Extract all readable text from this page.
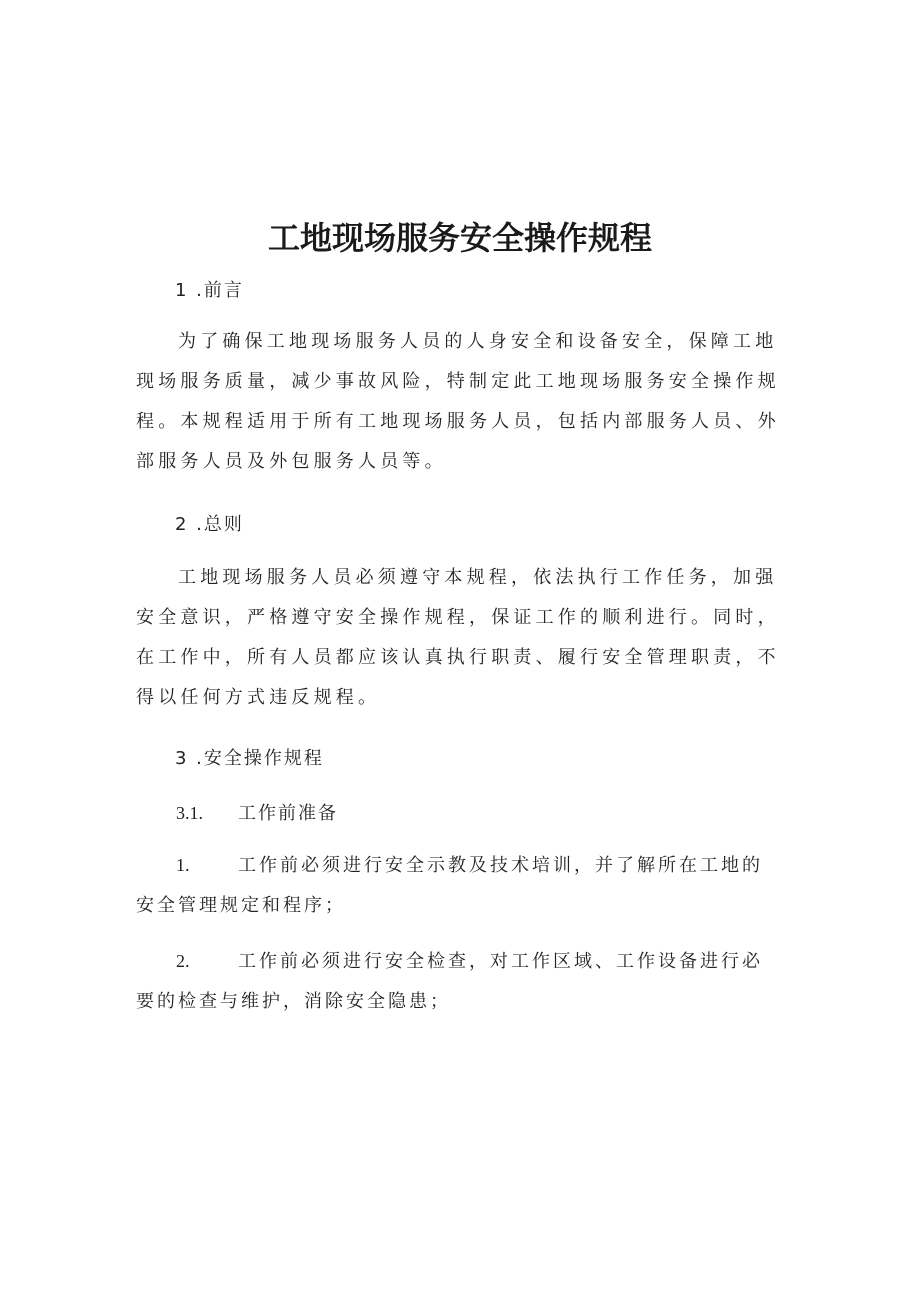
工地现场服务安全操作规程

1 .前言

为了确保工地现场服务人员的人身安全和设备安全，保障工地现场服务质量，减少事故风险，特制定此工地现场服务安全操作规程。本规程适用于所有工地现场服务人员，包括内部服务人员、外部服务人员及外包服务人员等。

2 .总则

工地现场服务人员必须遵守本规程，依法执行工作任务，加强安全意识，严格遵守安全操作规程，保证工作的顺利进行。同时，在工作中，所有人员都应该认真执行职责、履行安全管理职责，不得以任何方式违反规程。

3 .安全操作规程

3.1. 工作前准备

1.	工作前必须进行安全示教及技术培训，并了解所在工地的
安全管理规定和程序；
2.	工作前必须进行安全检查，对工作区域、工作设备进行必
要的检查与维护，消除安全隐患；
